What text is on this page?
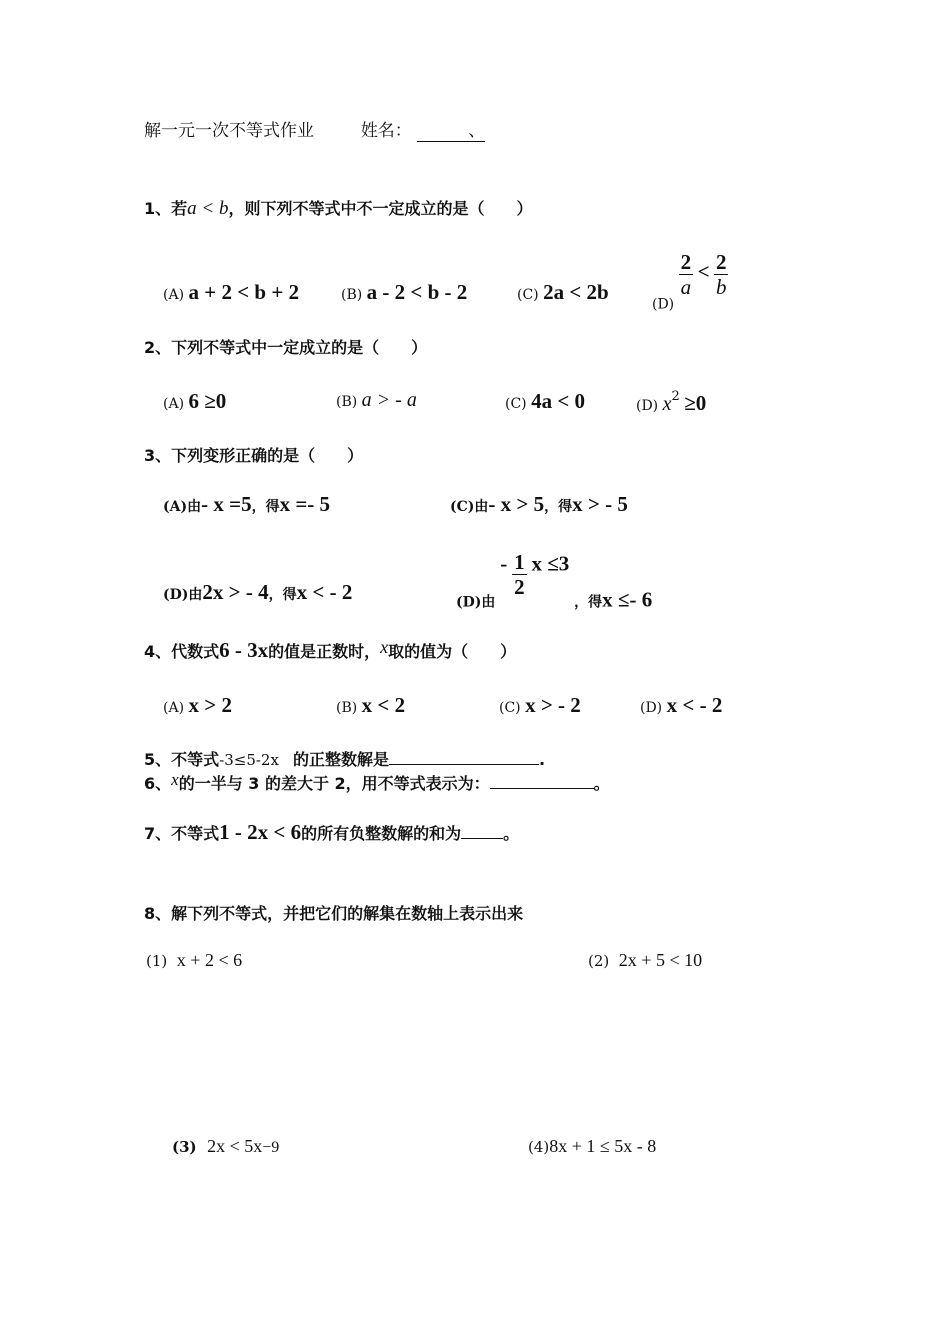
解一元一次不等式作业	姓名：	、
1、若a < b，则下列不等式中不一定成立的是（　　）
(A) a + 2 < b + 2	(B) a - 2 < b - 2	(C) 2a < 2b
(D)
$\frac{2}{a} < \frac{2}{b}$
2、下列不等式中一定成立的是（　　）
(A) 6 ≥0	(B) a > - a	(C) 4a < 0	(D) x2 ≥0
3、下列变形正确的是（　　）
(A)由- x =5，得x =- 5	(C)由- x > 5，得x > - 5
(D)由2x > - 4，得x < - 2	(D)由 - $\frac{1}{2}$ x ≤3 ，得x ≤- 6
4、代数式6 - 3x的值是正数时，x取的值为（　　）
(A) x > 2	(B) x < 2	(C) x > - 2	(D) x < - 2
5、不等式-3≤5-2x 的正整数解是	.
6、x的一半与 3 的差大于 2，用不等式表示为：	。
7、不等式1 - 2x < 6的所有负整数解的和为	。
8、解下列不等式，并把它们的解集在数轴上表示出来
(1) x + 2 < 6	(2) 2x + 5 < 10
(3) 2x < 5x−9	(4)8x + 1 ≤ 5x - 8
